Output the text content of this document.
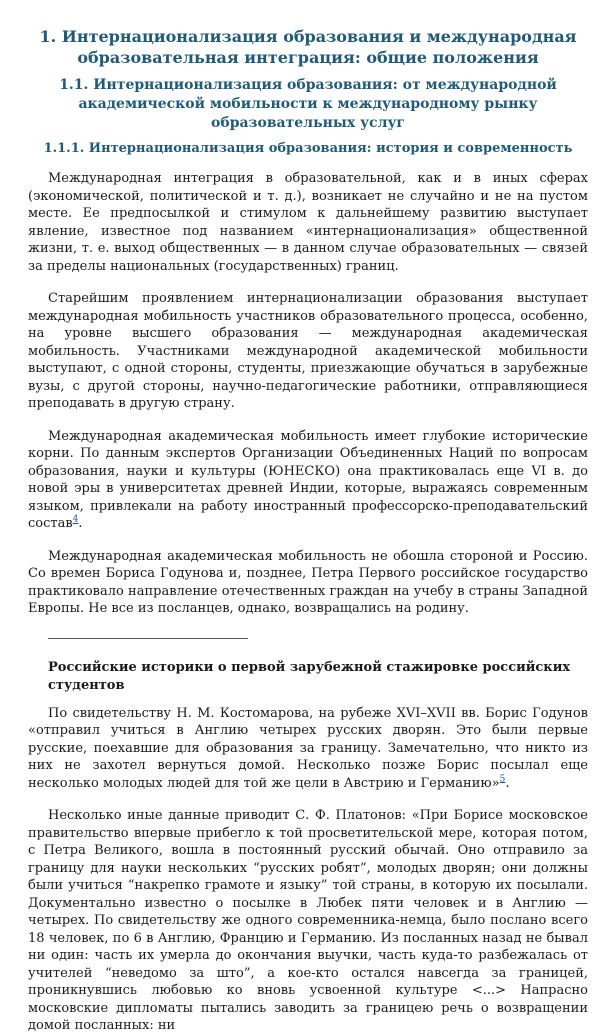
1. Интернационализация образования и международная образовательная интеграция: общие положения
1.1. Интернационализация образования: от международной академической мобильности к международному рынку образовательных услуг
1.1.1. Интернационализация образования: история и современность

Международная интеграция в образовательной, как и в иных сферах (экономической, политической и т. д.), возникает не случайно и не на пустом месте. Ее предпосылкой и стимулом к дальнейшему развитию выступает явление, известное под названием «интернационализация» общественной жизни, т. е. выход общественных — в данном случае образовательных — связей за пределы национальных (государственных) границ.

Старейшим проявлением интернационализации образования выступает международная мобильность участников образовательного процесса, особенно, на уровне высшего образования — международная академическая мобильность. Участниками международной академической мобильности выступают, с одной стороны, студенты, приезжающие обучаться в зарубежные вузы, с другой стороны, научно-педагогические работники, отправляющиеся преподавать в другую страну.

Международная академическая мобильность имеет глубокие исторические корни. По данным экспертов Организации Объединенных Наций по вопросам образования, науки и культуры (ЮНЕСКО) она практиковалась еще VI в. до новой эры в университетах древней Индии, которые, выражаясь современным языком, привлекали на работу иностранный профессорско-преподавательский состав$^4$.

Международная академическая мобильность не обошла стороной и Россию. Со времен Бориса Годунова и, позднее, Петра Первого российское государство практиковало направление отечественных граждан на учебу в страны Западной Европы. Не все из посланцев, однако, возвращались на родину.

Российские историки о первой зарубежной стажировке российских студентов

По свидетельству Н. М. Костомарова, на рубеже XVI–XVII вв. Борис Годунов «отправил учиться в Англию четырех русских дворян. Это были первые русские, поехавшие для образования за границу. Замечательно, что никто из них не захотел вернуться домой. Несколько позже Борис посылал еще несколько молодых людей для той же цели в Австрию и Германию»$^5$.

Несколько иные данные приводит С. Ф. Платонов: «При Борисе московское правительство впервые прибегло к той просветительской мере, которая потом, с Петра Великого, вошла в постоянный русский обычай. Оно отправило за границу для науки нескольких “русских робят”, молодых дворян; они должны были учиться “накрепко грамоте и языку” той страны, в которую их посылали. Документально известно о посылке в Любек пяти человек и в Англию — четырех. По свидетельству же одного современника-немца, было послано всего 18 человек, по 6 в Англию, Францию и Германию. Из посланных назад не бывал ни один: часть их умерла до окончания выучки, часть куда-то разбежалась от учителей “неведомо за што”, а кое-кто остался навсегда за границей, проникнувшись любовью ко вновь усвоенной культуре <...> Напрасно московские дипломаты пытались заводить за границею речь о возвращении домой посланных: ни
